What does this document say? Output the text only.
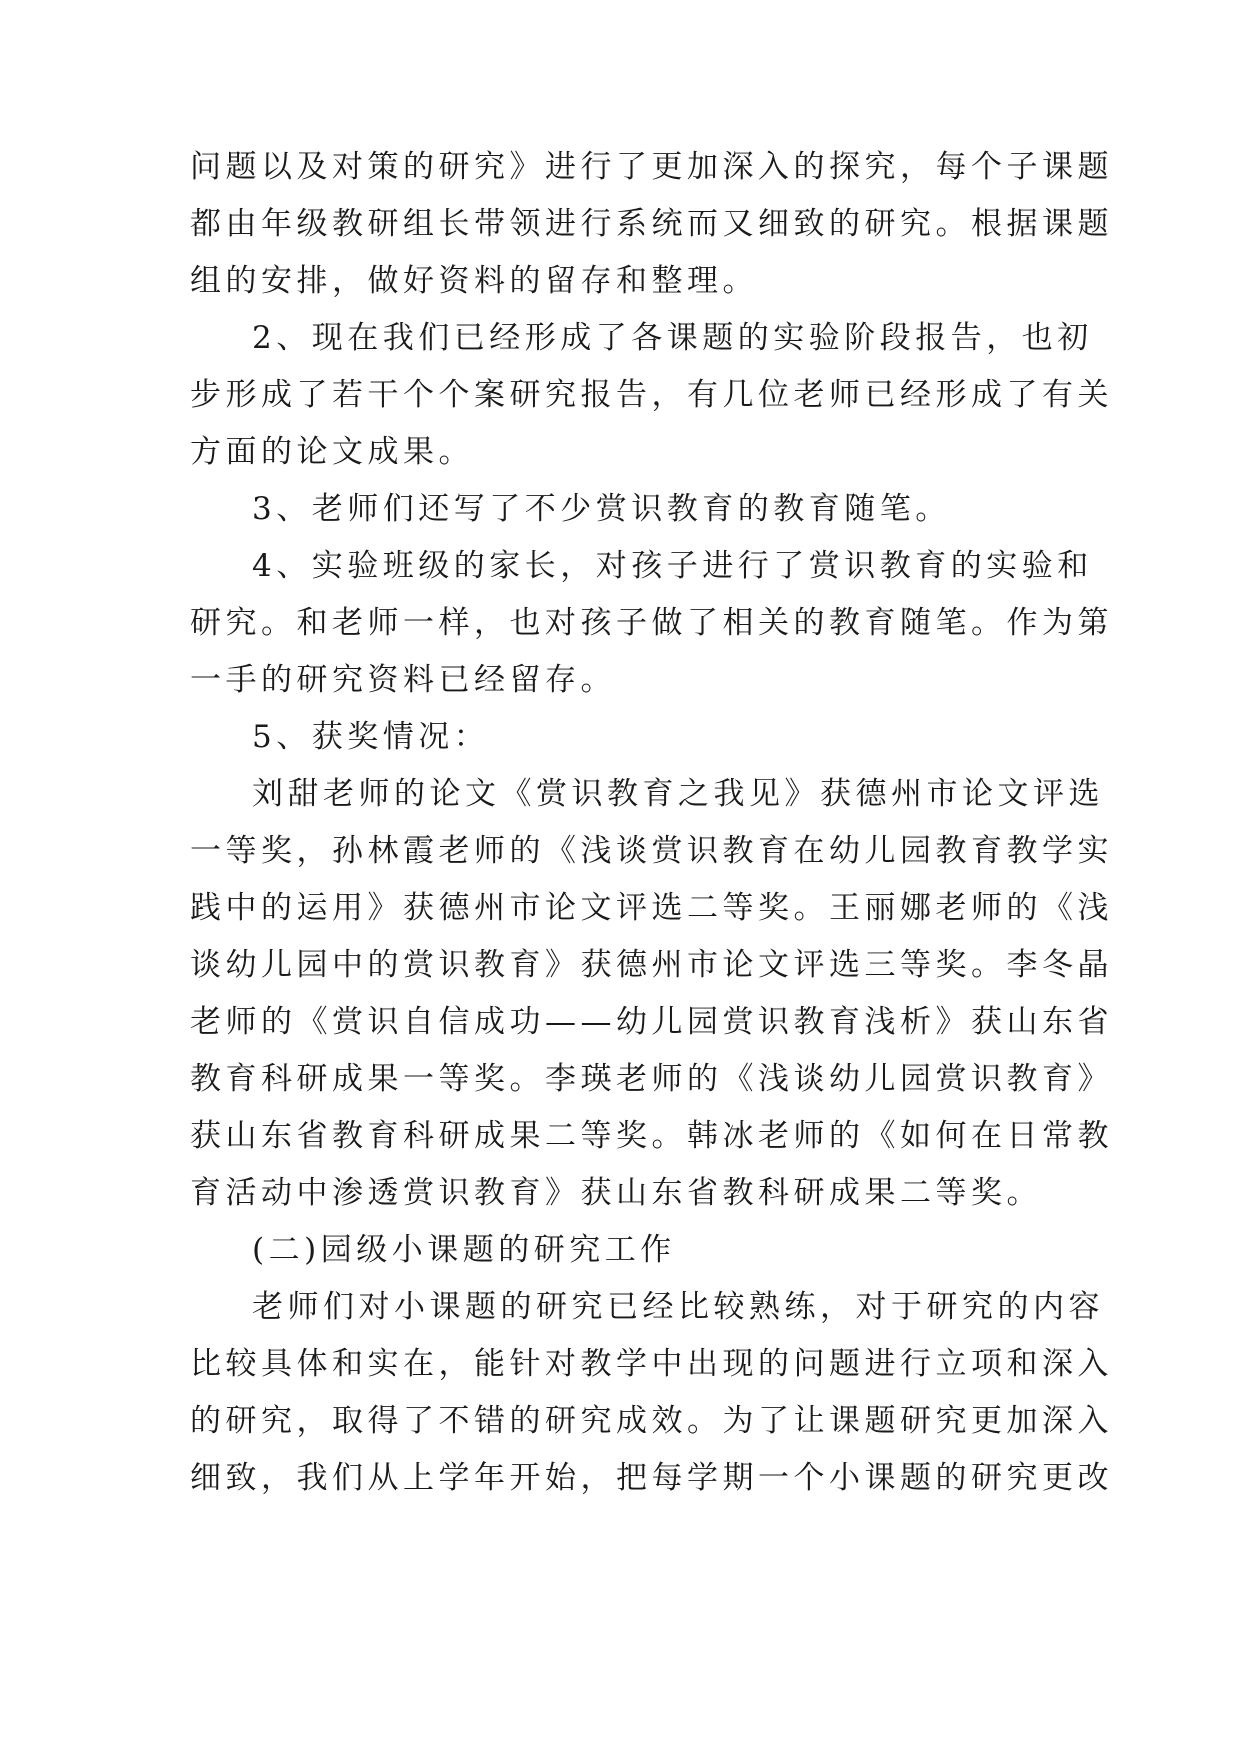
问题以及对策的研究》进行了更加深入的探究，每个子课题
都由年级教研组长带领进行系统而又细致的研究。根据课题
组的安排，做好资料的留存和整理。
2、现在我们已经形成了各课题的实验阶段报告，也初
步形成了若干个个案研究报告，有几位老师已经形成了有关
方面的论文成果。
3、老师们还写了不少赏识教育的教育随笔。
4、实验班级的家长，对孩子进行了赏识教育的实验和
研究。和老师一样，也对孩子做了相关的教育随笔。作为第
一手的研究资料已经留存。
5、获奖情况：
刘甜老师的论文《赏识教育之我见》获德州市论文评选
一等奖，孙林霞老师的《浅谈赏识教育在幼儿园教育教学实
践中的运用》获德州市论文评选二等奖。王丽娜老师的《浅
谈幼儿园中的赏识教育》获德州市论文评选三等奖。李冬晶
老师的《赏识自信成功——幼儿园赏识教育浅析》获山东省
教育科研成果一等奖。李瑛老师的《浅谈幼儿园赏识教育》
获山东省教育科研成果二等奖。韩冰老师的《如何在日常教
育活动中渗透赏识教育》获山东省教科研成果二等奖。
(二)园级小课题的研究工作
老师们对小课题的研究已经比较熟练，对于研究的内容
比较具体和实在，能针对教学中出现的问题进行立项和深入
的研究，取得了不错的研究成效。为了让课题研究更加深入
细致，我们从上学年开始，把每学期一个小课题的研究更改
